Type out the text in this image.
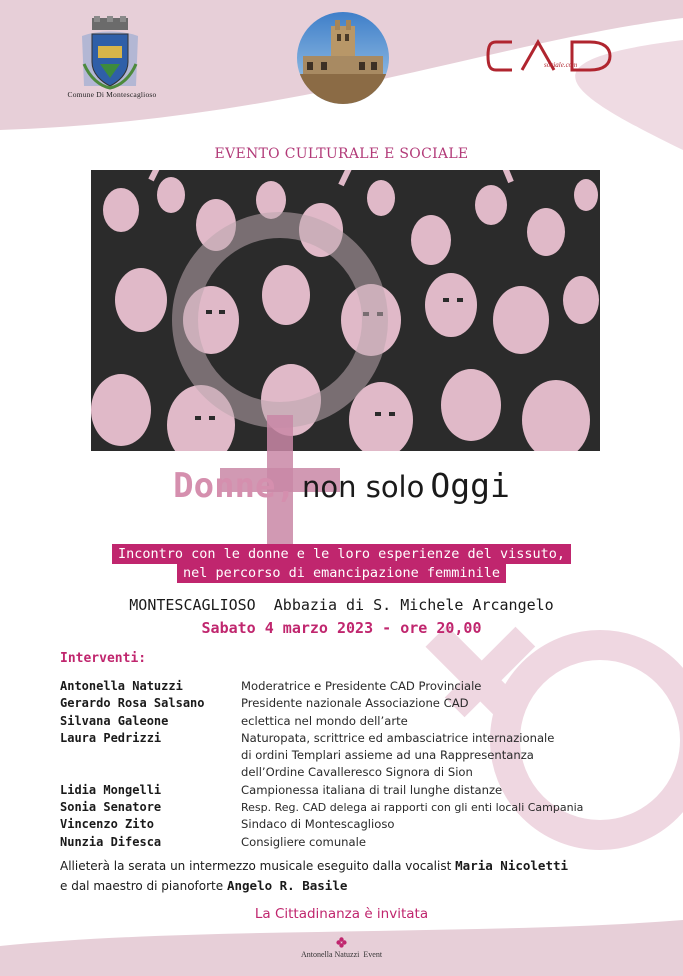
Comune Di Montescaglioso
sociale.com
EVENTO CULTURALE E SOCIALE
Donne, non solo Oggi
Incontro con le donne e le loro esperienze del vissuto,
nel percorso di emancipazione femminile
MONTESCAGLIOSO  Abbazia di S. Michele Arcangelo
Sabato 4 marzo 2023 - ore 20,00
Interventi:
Antonella Natuzzi	Moderatrice e Presidente CAD Provinciale
Gerardo Rosa Salsano	Presidente nazionale Associazione CAD
Silvana Galeone	eclettica nel mondo dell’arte
Laura Pedrizzi	Naturopata, scrittrice ed ambasciatrice internazionale
di ordini Templari assieme ad una Rappresentanza
dell’Ordine Cavalleresco Signora di Sion
Lidia Mongelli	Campionessa italiana di trail lunghe distanze
Sonia Senatore	Resp. Reg. CAD delega ai rapporti con gli enti locali Campania
Vincenzo Zito	Sindaco di Montescaglioso
Nunzia Difesca	Consigliere comunale
Allieterà la serata un intermezzo musicale eseguito dalla vocalist Maria Nicoletti
e dal maestro di pianoforte Angelo R. Basile
La Cittadinanza è invitata
Antonella Natuzzi  Event
